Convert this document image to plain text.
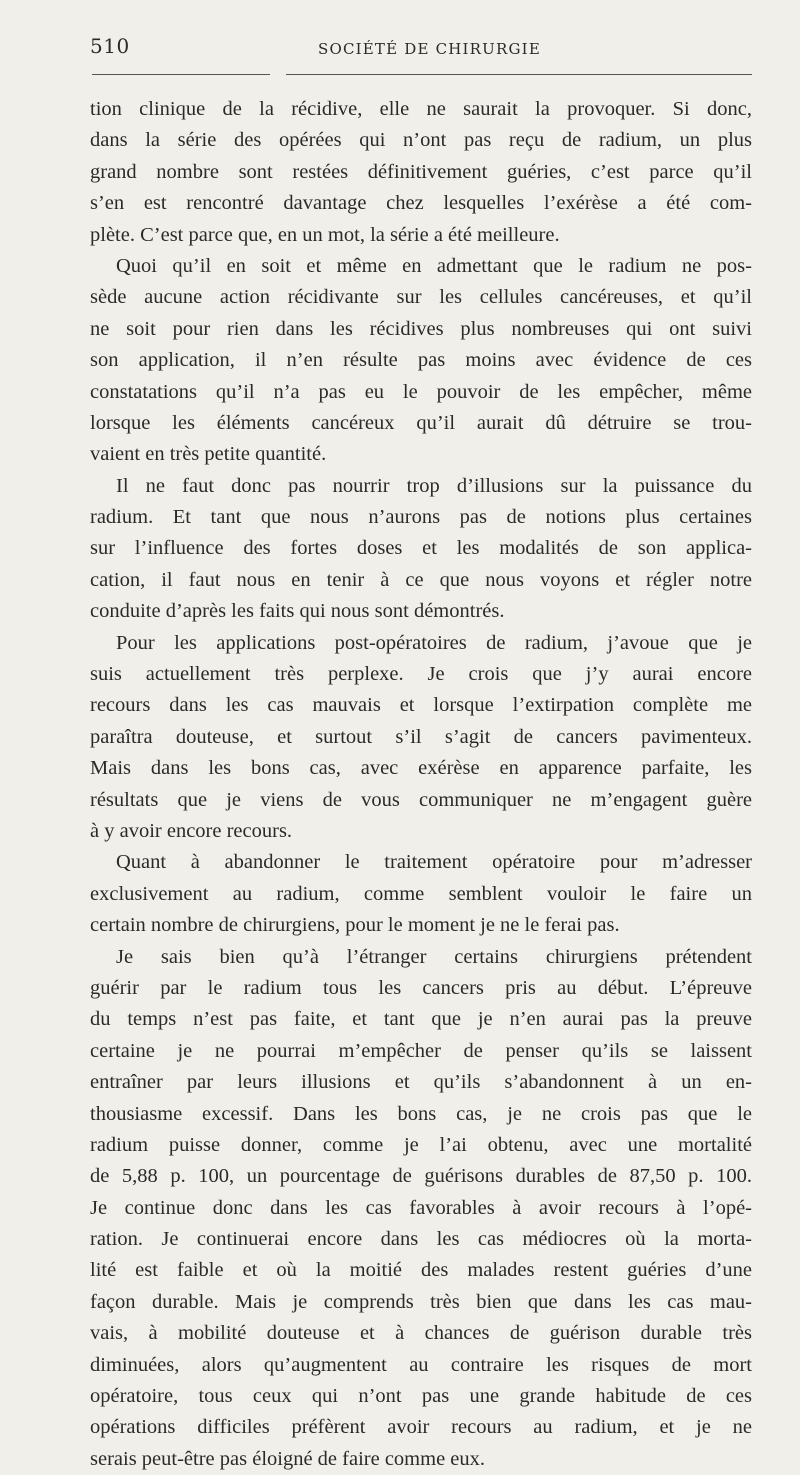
510	SOCIÉTÉ DE CHIRURGIE
tion clinique de la récidive, elle ne saurait la provoquer. Si donc,
dans la série des opérées qui n’ont pas reçu de radium, un plus
grand nombre sont restées définitivement guéries, c’est parce qu’il
s’en est rencontré davantage chez lesquelles l’exérèse a été com-
plète. C’est parce que, en un mot, la série a été meilleure.
Quoi qu’il en soit et même en admettant que le radium ne pos-
sède aucune action récidivante sur les cellules cancéreuses, et qu’il
ne soit pour rien dans les récidives plus nombreuses qui ont suivi
son application, il n’en résulte pas moins avec évidence de ces
constatations qu’il n’a pas eu le pouvoir de les empêcher, même
lorsque les éléments cancéreux qu’il aurait dû détruire se trou-
vaient en très petite quantité.
Il ne faut donc pas nourrir trop d’illusions sur la puissance du
radium. Et tant que nous n’aurons pas de notions plus certaines
sur l’influence des fortes doses et les modalités de son applica-
cation, il faut nous en tenir à ce que nous voyons et régler notre
conduite d’après les faits qui nous sont démontrés.
Pour les applications post-opératoires de radium, j’avoue que je
suis actuellement très perplexe. Je crois que j’y aurai encore
recours dans les cas mauvais et lorsque l’extirpation complète me
paraîtra douteuse, et surtout s’il s’agit de cancers pavimenteux.
Mais dans les bons cas, avec exérèse en apparence parfaite, les
résultats que je viens de vous communiquer ne m’engagent guère
à y avoir encore recours.
Quant à abandonner le traitement opératoire pour m’adresser
exclusivement au radium, comme semblent vouloir le faire un
certain nombre de chirurgiens, pour le moment je ne le ferai pas.
Je sais bien qu’à l’étranger certains chirurgiens prétendent
guérir par le radium tous les cancers pris au début. L’épreuve
du temps n’est pas faite, et tant que je n’en aurai pas la preuve
certaine je ne pourrai m’empêcher de penser qu’ils se laissent
entraîner par leurs illusions et qu’ils s’abandonnent à un en-
thousiasme excessif. Dans les bons cas, je ne crois pas que le
radium puisse donner, comme je l’ai obtenu, avec une mortalité
de 5,88 p. 100, un pourcentage de guérisons durables de 87,50 p. 100.
Je continue donc dans les cas favorables à avoir recours à l’opé-
ration. Je continuerai encore dans les cas médiocres où la morta-
lité est faible et où la moitié des malades restent guéries d’une
façon durable. Mais je comprends très bien que dans les cas mau-
vais, à mobilité douteuse et à chances de guérison durable très
diminuées, alors qu’augmentent au contraire les risques de mort
opératoire, tous ceux qui n’ont pas une grande habitude de ces
opérations difficiles préfèrent avoir recours au radium, et je ne
serais peut-être pas éloigné de faire comme eux.
